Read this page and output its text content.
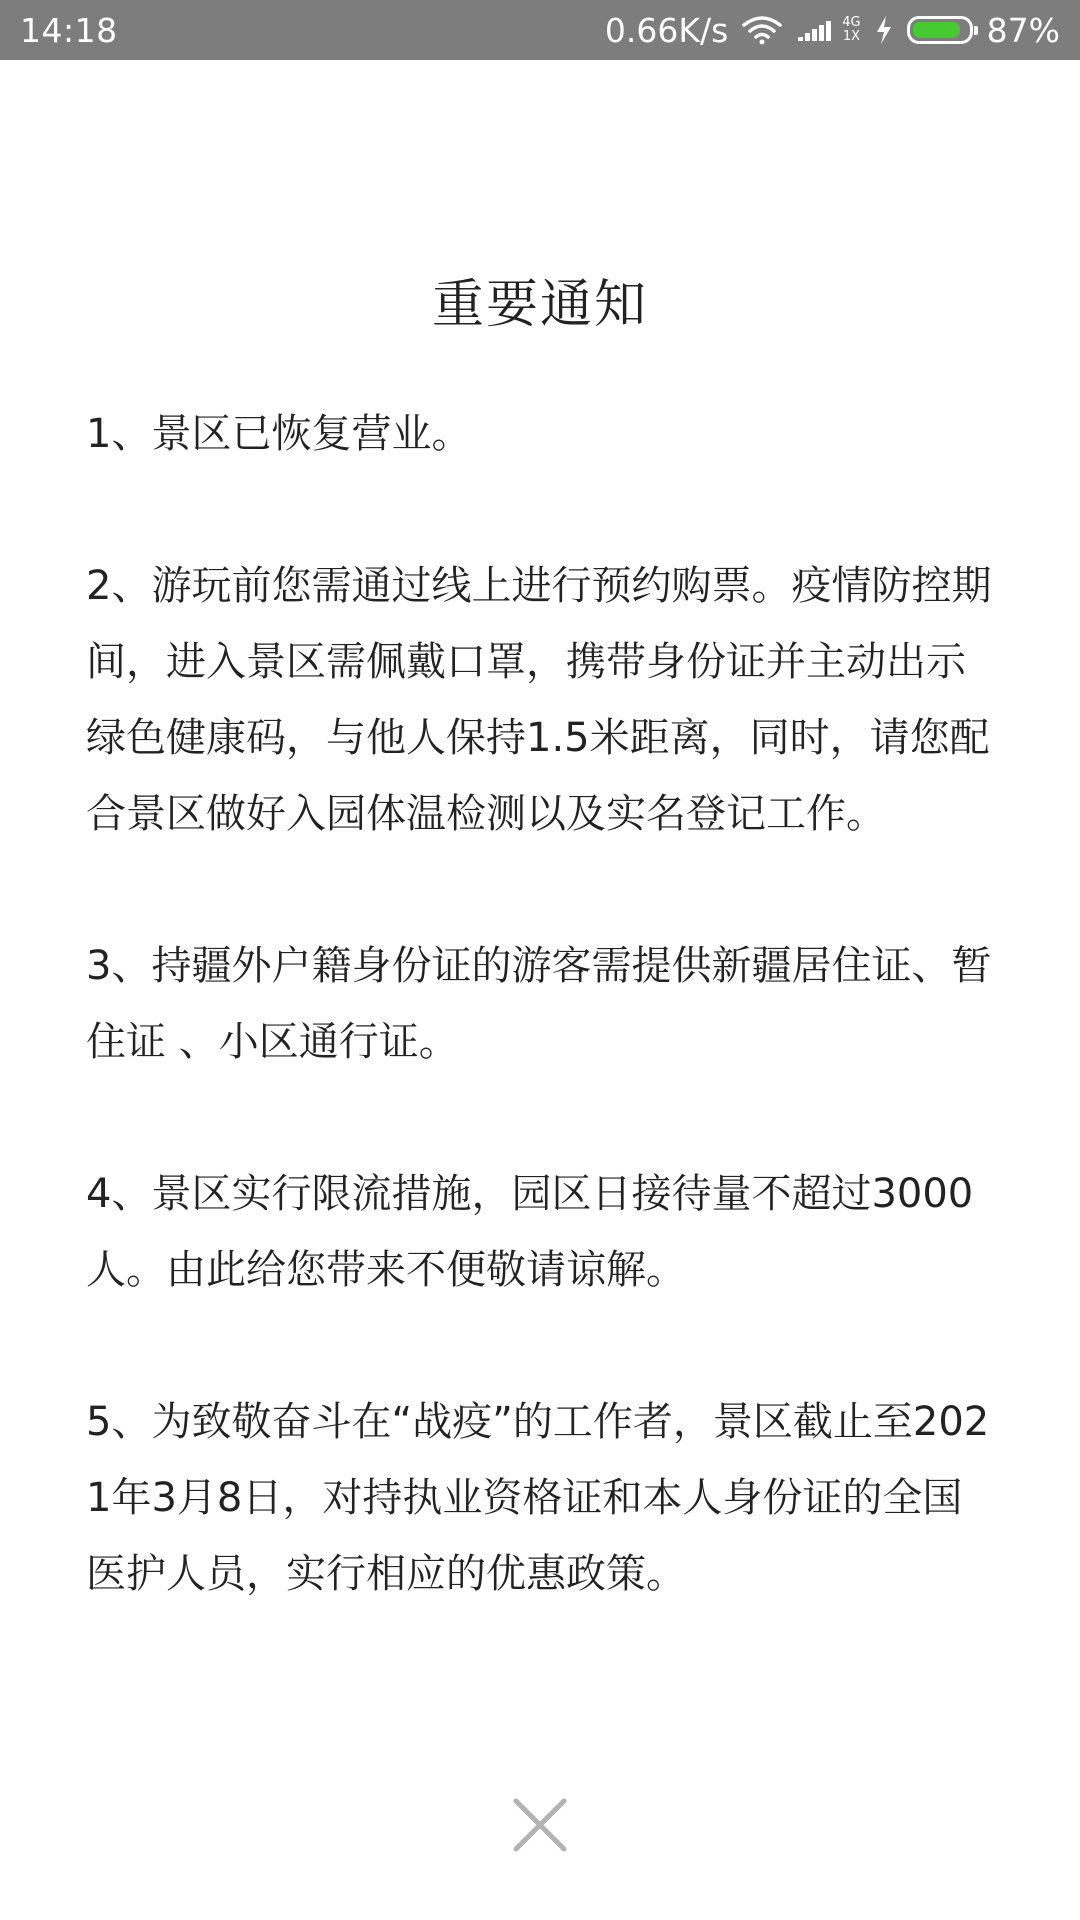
14:18	0.66K/s	4G
1X	87%
重要通知

1、景区已恢复营业。

2、游玩前您需通过线上进行预约购票。疫情防控期间，进入景区需佩戴口罩，携带身份证并主动出示绿色健康码，与他人保持1.5米距离，同时，请您配合景区做好入园体温检测以及实名登记工作。

3、持疆外户籍身份证的游客需提供新疆居住证、暂住证 、小区通行证。

4、景区实行限流措施，园区日接待量不超过3000人。由此给您带来不便敬请谅解。

5、为致敬奋斗在“战疫”的工作者，景区截止至2021年3月8日，对持执业资格证和本人身份证的全国医护人员，实行相应的优惠政策。
